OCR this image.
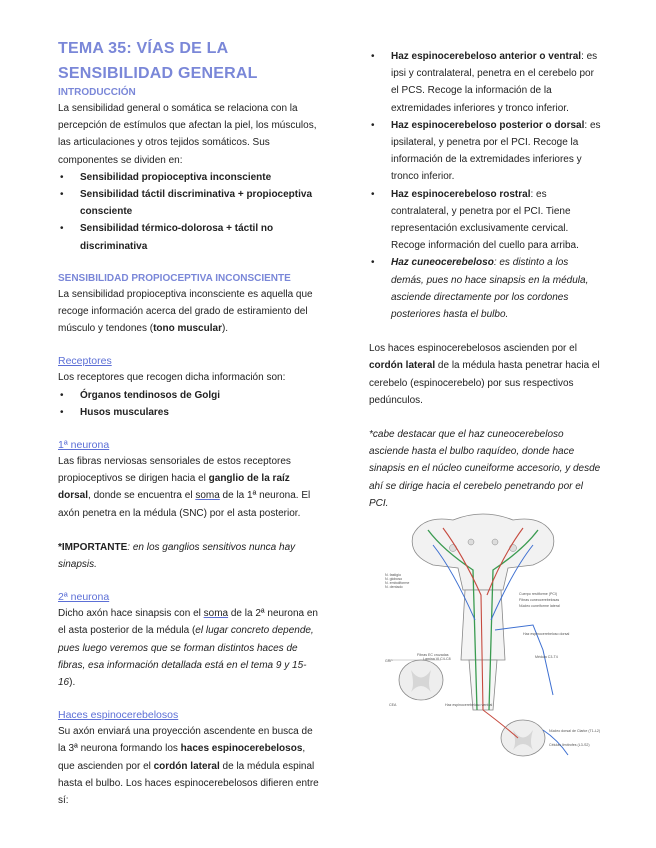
TEMA 35: VÍAS DE LA SENSIBILIDAD GENERAL
INTRODUCCIÓN

La sensibilidad general o somática se relaciona con la percepción de estímulos que afectan la piel, los músculos, las articulaciones y otros tejidos somáticos. Sus componentes se dividen en:

• Sensibilidad propioceptiva inconsciente
• Sensibilidad táctil discriminativa + propioceptiva consciente
• Sensibilidad térmico-dolorosa + táctil no discriminativa
SENSIBILIDAD PROPIOCEPTIVA INCONSCIENTE

La sensibilidad propioceptiva inconsciente es aquella que recoge información acerca del grado de estiramiento del músculo y tendones (tono muscular).

Receptores

Los receptores que recogen dicha información son:

• Órganos tendinosos de Golgi
• Husos musculares
1ª neurona

Las fibras nerviosas sensoriales de estos receptores propioceptivos se dirigen hacia el ganglio de la raíz dorsal, donde se encuentra el soma de la 1ª neurona. El axón penetra en la médula (SNC) por el asta posterior.

*IMPORTANTE: en los ganglios sensitivos nunca hay sinapsis.

2ª neurona

Dicho axón hace sinapsis con el soma de la 2ª neurona en el asta posterior de la médula (el lugar concreto depende, pues luego veremos que se forman distintos haces de fibras, esa información detallada está en el tema 9 y 15-16).

Haces espinocerebelosos

Su axón enviará una proyección ascendente en busca de la 3ª neurona formando los haces espinocerebelosos, que ascienden por el cordón lateral de la médula espinal hasta el bulbo. Los haces espinocerebelosos difieren entre sí:

• Haz espinocerebeloso anterior o ventral: es ipsi y contralateral, penetra en el cerebelo por el PCS. Recoge la información de la extremidades inferiores y tronco inferior.
• Haz espinocerebeloso posterior o dorsal: es ipsilateral, y penetra por el PCI. Recoge la información de la extremidades inferiores y tronco inferior.
• Haz espinocerebeloso rostral: es contralateral, y penetra por el PCI. Tiene representación exclusivamente cervical. Recoge información del cuello para arriba.
• Haz cuneocerebeloso: es distinto a los demás, pues no hace sinapsis en la médula, asciende directamente por los cordones posteriores hasta el bulbo.

Los haces espinocerebelosos ascienden por el cordón lateral de la médula hasta penetrar hacia el cerebelo (espinocerebelo) por sus respectivos pedúnculos.

*cabe destacar que el haz cuneocerebeloso asciende hasta el bulbo raquídeo, donde hace sinapsis en el núcleo cuneiforme accesorio, y desde ahí se dirige hacia el cerebelo penetrando por el PCI.

N. fastigio
N. globoso
N. emboliforme
N. dentado
Cuerpo restiforme (PCI)
Fibras cuneocerebelosas
Núcleo cuneiforme lateral
Haz espinocerebeloso dorsal
Médula C3-T4
Fibras EC cruzadas
Lamina VI C4-C8
GRP
CEA	Haz espinocerebeloso ventral
Núcleo dorsal de Clarke (T1-L2)
Células limítrofes (L3-S2)
